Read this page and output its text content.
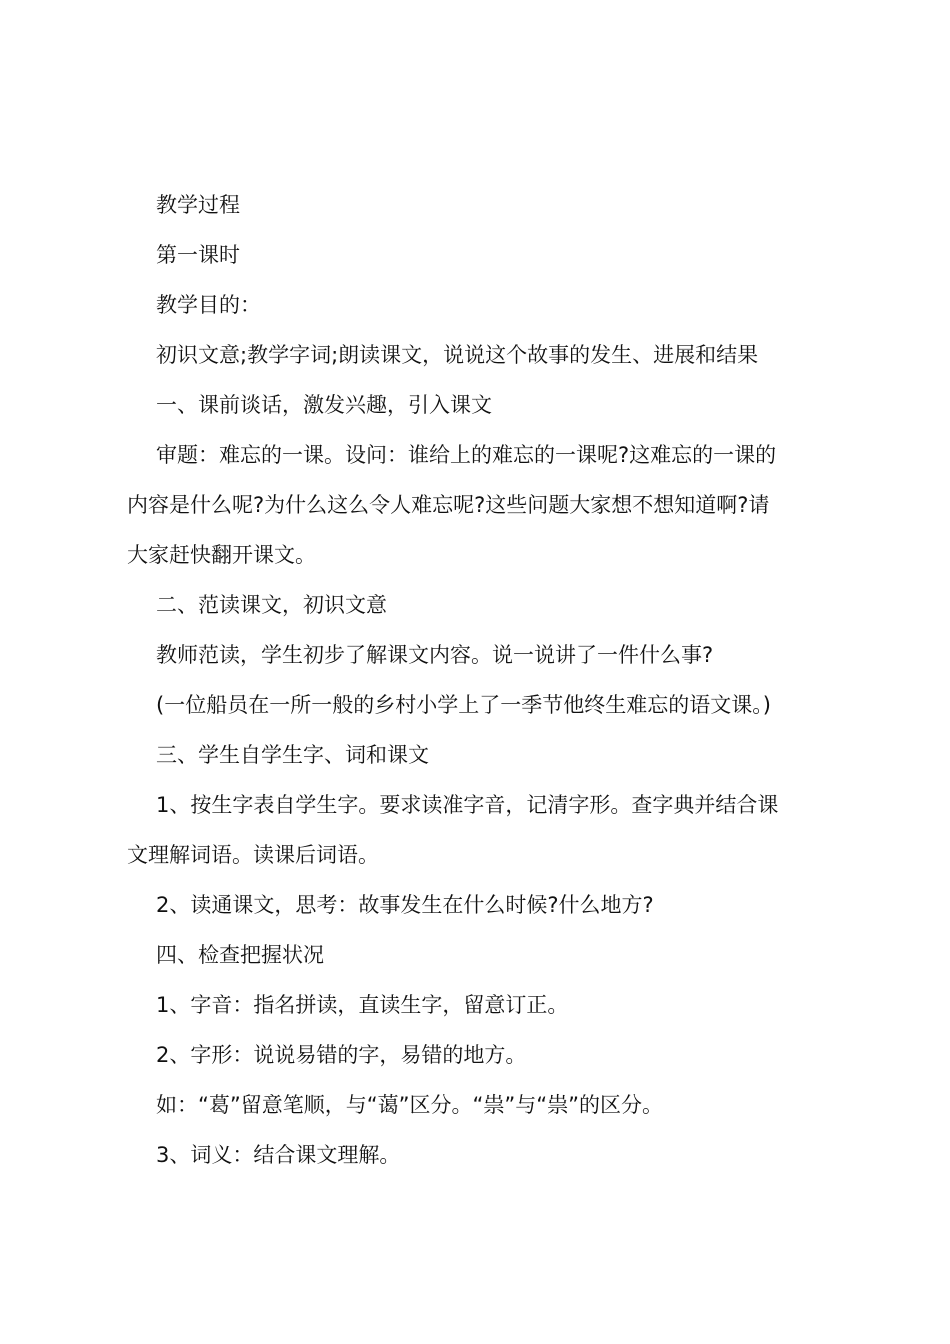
教学过程
第一课时
教学目的：
初识文意;教学字词;朗读课文，说说这个故事的发生、进展和结果
一、课前谈话，激发兴趣，引入课文
审题：难忘的一课。设问：谁给上的难忘的一课呢?这难忘的一课的
内容是什么呢?为什么这么令人难忘呢?这些问题大家想不想知道啊?请
大家赶快翻开课文。
二、范读课文，初识文意
教师范读，学生初步了解课文内容。说一说讲了一件什么事?
(一位船员在一所一般的乡村小学上了一季节他终生难忘的语文课。)
三、学生自学生字、词和课文
1、按生字表自学生字。要求读准字音，记清字形。查字典并结合课
文理解词语。读课后词语。
2、读通课文，思考：故事发生在什么时候?什么地方?
四、检查把握状况
1、字音：指名拼读，直读生字，留意订正。
2、字形：说说易错的字，易错的地方。
如：“葛”留意笔顺，与“蔼”区分。“祟”与“祟”的区分。
3、词义：结合课文理解。
